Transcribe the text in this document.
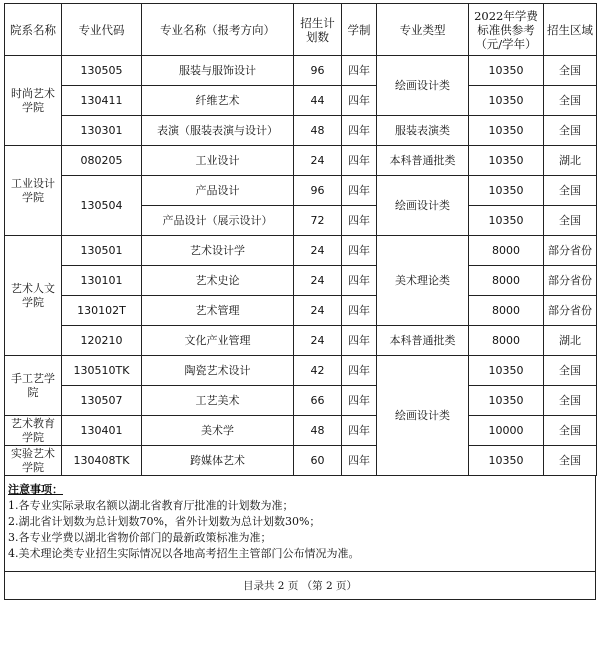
院系名称	专业代码	专业名称（报考方向）	招生计划数	学制	专业类型	2022年学费标准供参考（元/学年）	招生区域
时尚艺术学院	130505	服装与服饰设计	96	四年	绘画设计类	10350	全国
	130411	纤维艺术	44	四年		10350	全国
	130301	表演（服装表演与设计）	48	四年	服装表演类	10350	全国
工业设计学院	080205	工业设计	24	四年	本科普通批类	10350	湖北
	130504	产品设计	96	四年	绘画设计类	10350	全国
		产品设计（展示设计）	72	四年		10350	全国
艺术人文学院	130501	艺术设计学	24	四年	美术理论类	8000	部分省份
	130101	艺术史论	24	四年		8000	部分省份
	130102T	艺术管理	24	四年		8000	部分省份
	120210	文化产业管理	24	四年	本科普通批类	8000	湖北
手工艺学院	130510TK	陶瓷艺术设计	42	四年	绘画设计类	10350	全国
	130507	工艺美术	66	四年		10350	全国
艺术教育学院	130401	美术学	48	四年		10000	全国
实验艺术学院	130408TK	跨媒体艺术	60	四年		10350	全国
注意事项：
1.各专业实际录取名额以湖北省教育厅批准的计划数为准；
2.湖北省计划数为总计划数70%，省外计划数为总计划数30%；
3.各专业学费以湖北省物价部门的最新政策标准为准；
4.美术理论类专业招生实际情况以各地高考招生主管部门公布情况为准。
目录共 2 页 （第 2 页）
